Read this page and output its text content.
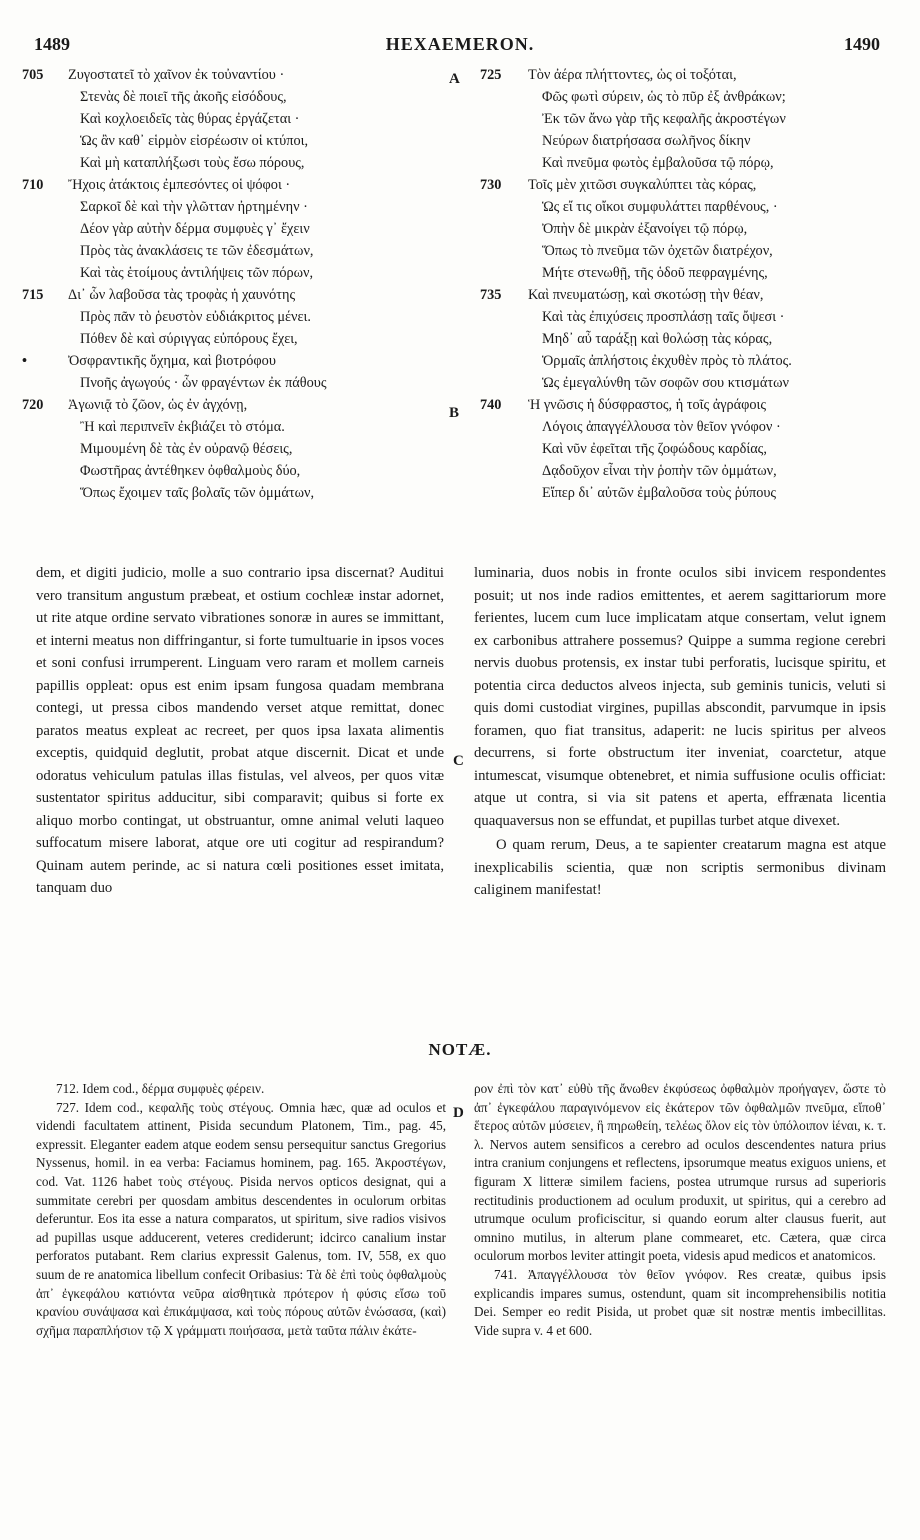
1489	HEXAEMERON.	1490
705	Ζυγοστατεῖ τὸ χαῖνον ἐκ τοὐναντίου ·
Στενὰς δὲ ποιεῖ τῆς ἀκοῆς εἰσόδους,
Καὶ κοχλοειδεῖς τὰς θύρας ἐργάζεται ·
Ὡς ἂν καθ᾽ εἱρμὸν εἰσρέωσιν οἱ κτύποι,
Καὶ μὴ καταπλήξωσι τοὺς ἔσω πόρους,
710	Ἤχοις ἀτάκτοις ἐμπεσόντες οἱ ψόφοι ·
Σαρκοῖ δὲ καὶ τὴν γλῶτταν ἠρτημένην ·
Δέον γὰρ αὐτὴν δέρμα συμφυὲς γ᾽ ἔχειν
Πρὸς τὰς ἀνακλάσεις τε τῶν ἐδεσμάτων,
Καὶ τὰς ἑτοίμους ἀντιλήψεις τῶν πόρων,
715	Δι᾽ ὧν λαβοῦσα τὰς τροφὰς ἡ χαυνότης
Πρὸς πᾶν τὸ ῥευστὸν εὐδιάκριτος μένει.
Πόθεν δὲ καὶ σύριγγας εὐπόρους ἔχει,
•	Ὀσφραντικῆς ὄχημα, καὶ βιοτρόφου
Πνοῆς ἀγωγούς · ὧν φραγέντων ἐκ πάθους
720	Ἀγωνιᾷ τὸ ζῶον, ὡς ἐν ἀγχόνῃ,
Ἢ καὶ περιπνεῖν ἐκβιάζει τὸ στόμα.
Μιμουμένη δὲ τὰς ἐν οὐρανῷ θέσεις,
Φωστῆρας ἀντέθηκεν ὀφθαλμοὺς δύο,
Ὅπως ἔχοιμεν ταῖς βολαῖς τῶν ὀμμάτων,
725	Τὸν ἀέρα πλήττοντες, ὡς οἱ τοξόται,
Φῶς φωτὶ σύρειν, ὡς τὸ πῦρ ἐξ ἀνθράκων;
Ἐκ τῶν ἄνω γὰρ τῆς κεφαλῆς ἀκροστέγων
Νεύρων διατρήσασα σωλῆνος δίκην
Καὶ πνεῦμα φωτὸς ἐμβαλοῦσα τῷ πόρῳ,
730	Τοῖς μὲν χιτῶσι συγκαλύπτει τὰς κόρας,
Ὡς εἴ τις οἴκοι συμφυλάττει παρθένους, ·
Ὀπὴν δὲ μικρὰν ἐξανοίγει τῷ πόρῳ,
Ὅπως τὸ πνεῦμα τῶν ὀχετῶν διατρέχον,
Μήτε στενωθῇ, τῆς ὁδοῦ πεφραγμένης,
735	Καὶ πνευματώσῃ, καὶ σκοτώσῃ τὴν θέαν,
Καὶ τὰς ἐπιχύσεις προσπλάσῃ ταῖς ὄψεσι ·
Μηδ᾽ αὖ ταράξῃ καὶ θολώσῃ τὰς κόρας,
Ὁρμαῖς ἀπλήστοις ἐκχυθὲν πρὸς τὸ πλάτος.
Ὡς ἐμεγαλύνθη τῶν σοφῶν σου κτισμάτων
740	Ἡ γνῶσις ἡ δύσφραστος, ἡ τοῖς ἀγράφοις
Λόγοις ἀπαγγέλλουσα τὸν θεῖον γνόφον ·
Καὶ νῦν ἐφεῖται τῆς ζοφώδους καρδίας,
Δᾳδοῦχον εἶναι τὴν ῥοπὴν τῶν ὀμμάτων,
Εἴπερ δι᾽ αὐτῶν ἐμβαλοῦσα τοὺς ῥύπους
A
B
C
D

dem, et digiti judicio, molle a suo contrario ipsa discernat? Auditui vero transitum angustum præbeat, et ostium cochleæ instar adornet, ut rite atque ordine servato vibrationes sonoræ in aures se immittant, et interni meatus non diffringantur, si forte tumultuarie in ipsos voces et soni confusi irrumperent. Linguam vero raram et mollem carneis papillis oppleat: opus est enim ipsam fungosa quadam membrana contegi, ut pressa cibos mandendo verset atque remittat, donec paratos meatus expleat ac recreet, per quos ipsa laxata alimentis exceptis, quidquid deglutit, probat atque discernit. Dicat et unde odoratus vehiculum patulas illas fistulas, vel alveos, per quos vitæ sustentator spiritus adducitur, sibi comparavit; quibus si forte ex aliquo morbo contingat, ut obstruantur, omne animal veluti laqueo suffocatum misere laborat, atque ore uti cogitur ad respirandum? Quinam autem perinde, ac si natura cœli positiones esset imitata, tanquam duo

luminaria, duos nobis in fronte oculos sibi invicem respondentes posuit; ut nos inde radios emittentes, et aerem sagittariorum more ferientes, lucem cum luce implicatam atque consertam, velut ignem ex carbonibus attrahere possemus? Quippe a summa regione cerebri nervis duobus protensis, ex instar tubi perforatis, lucisque spiritu, et potentia circa deductos alveos injecta, sub geminis tunicis, veluti si quis domi custodiat virgines, pupillas abscondit, parvumque in ipsis foramen, quo fiat transitus, adaperit: ne lucis spiritus per alveos decurrens, si forte obstructum iter inveniat, coarctetur, atque intumescat, visumque obtenebret, et nimia suffusione oculis officiat: atque ut contra, si via sit patens et aperta, effrænata licentia quaquaversus non se effundat, et pupillas turbet atque divexet.

O quam rerum, Deus, a te sapienter creatarum magna est atque inexplicabilis scientia, quæ non scriptis sermonibus divinam caliginem manifestat!

NOTÆ.

712. Idem cod., δέρμα συμφυὲς φέρειν.

727. Idem cod., κεφαλῆς τοὺς στέγους. Omnia hæc, quæ ad oculos et videndi facultatem attinent, Pisida secundum Platonem, Tim., pag. 45, expressit. Eleganter eadem atque eodem sensu persequitur sanctus Gregorius Nyssenus, homil. in ea verba: Faciamus hominem, pag. 165. Ἀκροστέγων, cod. Vat. 1126 habet τοὺς στέγους. Pisida nervos opticos designat, qui a summitate cerebri per quosdam ambitus descendentes in oculorum orbitas deferuntur. Eos ita esse a natura comparatos, ut spiritum, sive radios visivos ad pupillas usque adducerent, veteres crediderunt; idcirco canalium instar perforatos putabant. Rem clarius expressit Galenus, tom. IV, 558, ex quo suum de re anatomica libellum confecit Oribasius: Τὰ δὲ ἐπὶ τοὺς ὀφθαλμοὺς ἀπ᾽ ἐγκεφάλου κατιόντα νεῦρα αἰσθητικὰ πρότερον ἡ φύσις εἴσω τοῦ κρανίου συνάψασα καὶ ἐπικάμψασα, καὶ τοὺς πόρους αὐτῶν ἑνώσασα, (καὶ) σχῆμα παραπλήσιον τῷ Χ γράμματι ποιήσασα, μετὰ ταῦτα πάλιν ἐκάτε-

ρον ἐπὶ τὸν κατ᾽ εὐθὺ τῆς ἄνωθεν ἐκφύσεως ὀφθαλμὸν προήγαγεν, ὥστε τὸ ἀπ᾽ ἐγκεφάλου παραγινόμενον εἰς ἑκάτερον τῶν ὀφθαλμῶν πνεῦμα, εἴποθ᾽ ἕτερος αὐτῶν μύσειεν, ἢ πηρωθείη, τελέως ὅλον εἰς τὸν ὑπόλοιπον ἰέναι, κ. τ. λ. Nervos autem sensificos a cerebro ad oculos descendentes natura prius intra cranium conjungens et reflectens, ipsorumque meatus exiguos uniens, et figuram X litteræ similem faciens, postea utrumque rursus ad superioris rectitudinis productionem ad oculum produxit, ut spiritus, qui a cerebro ad utrumque oculum proficiscitur, si quando eorum alter clausus fuerit, aut omnino mutilus, in alterum plane commearet, etc. Cætera, quæ circa oculorum morbos leviter attingit poeta, videsis apud medicos et anatomicos.

741. Ἀπαγγέλλουσα τὸν θεῖον γνόφον. Res creatæ, quibus ipsis explicandis impares sumus, ostendunt, quam sit incomprehensibilis notitia Dei. Semper eo redit Pisida, ut probet quæ sit nostræ mentis imbecillitas. Vide supra v. 4 et 600.
